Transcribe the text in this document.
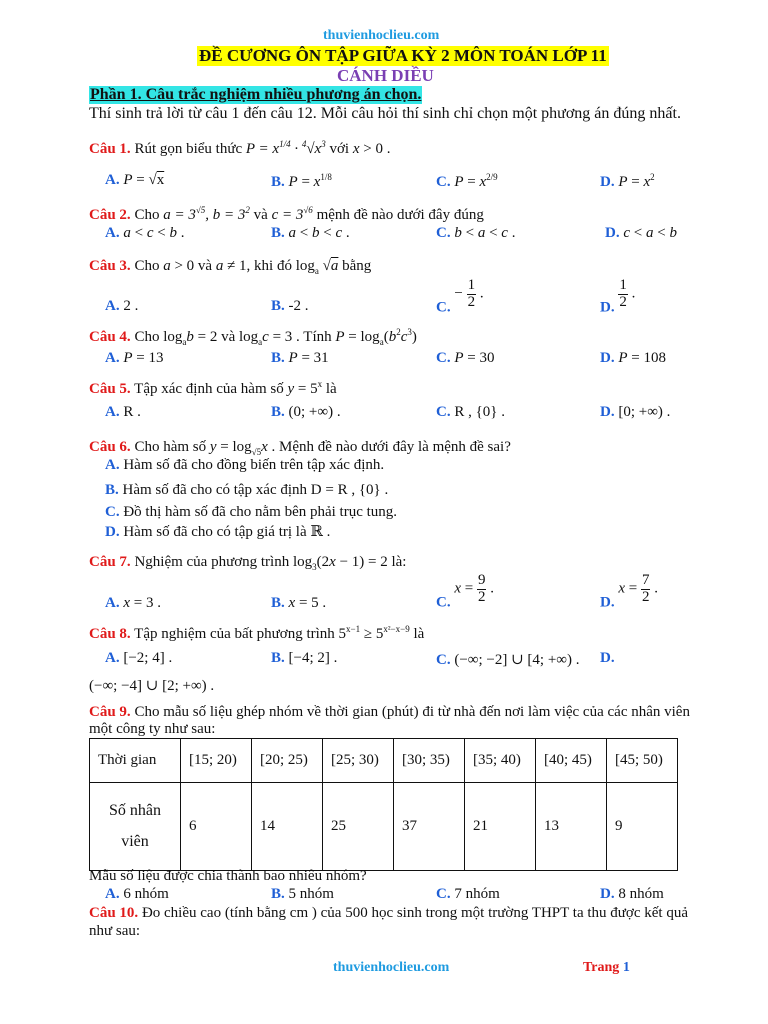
thuvienhoclieu.com
ĐỀ CƯƠNG ÔN TẬP GIỮA KỲ 2 MÔN TOÁN LỚP 11
CÁNH DIỀU
Phần 1. Câu trắc nghiệm nhiều phương án chọn.
Thí sinh trả lời từ câu 1 đến câu 12. Mỗi câu hỏi thí sinh chỉ chọn một phương án đúng nhất.
Câu 1. Rút gọn biểu thức $P = x^{1/4} \cdot ^4√x^3$ với x > 0 .
A. P = √x	B. $P = x^{1/8}$	C. $P = x^{2/9}$	D. $P = x^2$
Câu 2. Cho $a = 3^{√5}$, $b = 3^2$ và $c = 3^{√6}$ mệnh đề nào dưới đây đúng
A. a < c < b .	B. a < b < c .	C. b < a < c .	D. c < a < b
Câu 3. Cho a > 0 và a ≠ 1, khi đó $\log_a √a$ bằng
A. 2 .	B. -2 .	C. − $\frac{1}{2}$ .
D. $\frac{1}{2}$ .
Câu 4. Cho $\log_ab = 2$ và $\log_ac = 3$ . Tính $P = \log_a(b^2c^3)$
A. P = 13	B. P = 31	C. P = 30	D. P = 108
Câu 5. Tập xác định của hàm số $y = 5^x$ là
A. R .	B. (0; +∞) .	C. R , {0} .	D. [0; +∞) .
Câu 6. Cho hàm số $y = \log_{√5}x$ . Mệnh đề nào dưới đây là mệnh đề sai?
A. Hàm số đã cho đồng biến trên tập xác định.
B. Hàm số đã cho có tập xác định D = R , {0} .
C. Đồ thị hàm số đã cho nằm bên phải trục tung.
D. Hàm số đã cho có tập giá trị là ℝ .
Câu 7. Nghiệm của phương trình $\log_3(2x - 1) = 2$ là:
A. x = 3 .	B. x = 5 .	C. $x = \frac{9}{2}$ .
D. $x = \frac{7}{2}$ .
Câu 8. Tập nghiệm của bất phương trình $5^{x-1} \ge 5^{x^2-x-9}$ là
A. [−2; 4] .	B. [−4; 2] .	C. (−∞; −2] ∪ [4; +∞) . D.
(−∞; −4] ∪ [2; +∞) .
Câu 9. Cho mẫu số liệu ghép nhóm về thời gian (phút) đi từ nhà đến nơi làm việc của các nhân viên
một công ty như sau:
Thời gian	[15; 20)	[20; 25)	[25; 30)	[30; 35)	[35; 40)	[40; 45)	[45; 50)
Số nhân
viên	6	14	25	37	21	13	9
Mẫu số liệu được chia thành bao nhiêu nhóm?
A. 6 nhóm	B. 5 nhóm	C. 7 nhóm	D. 8 nhóm
Câu 10. Đo chiều cao (tính bằng cm ) của 500 học sinh trong một trường THPT ta thu được kết quả
như sau:
thuvienhoclieu.com	Trang 1
